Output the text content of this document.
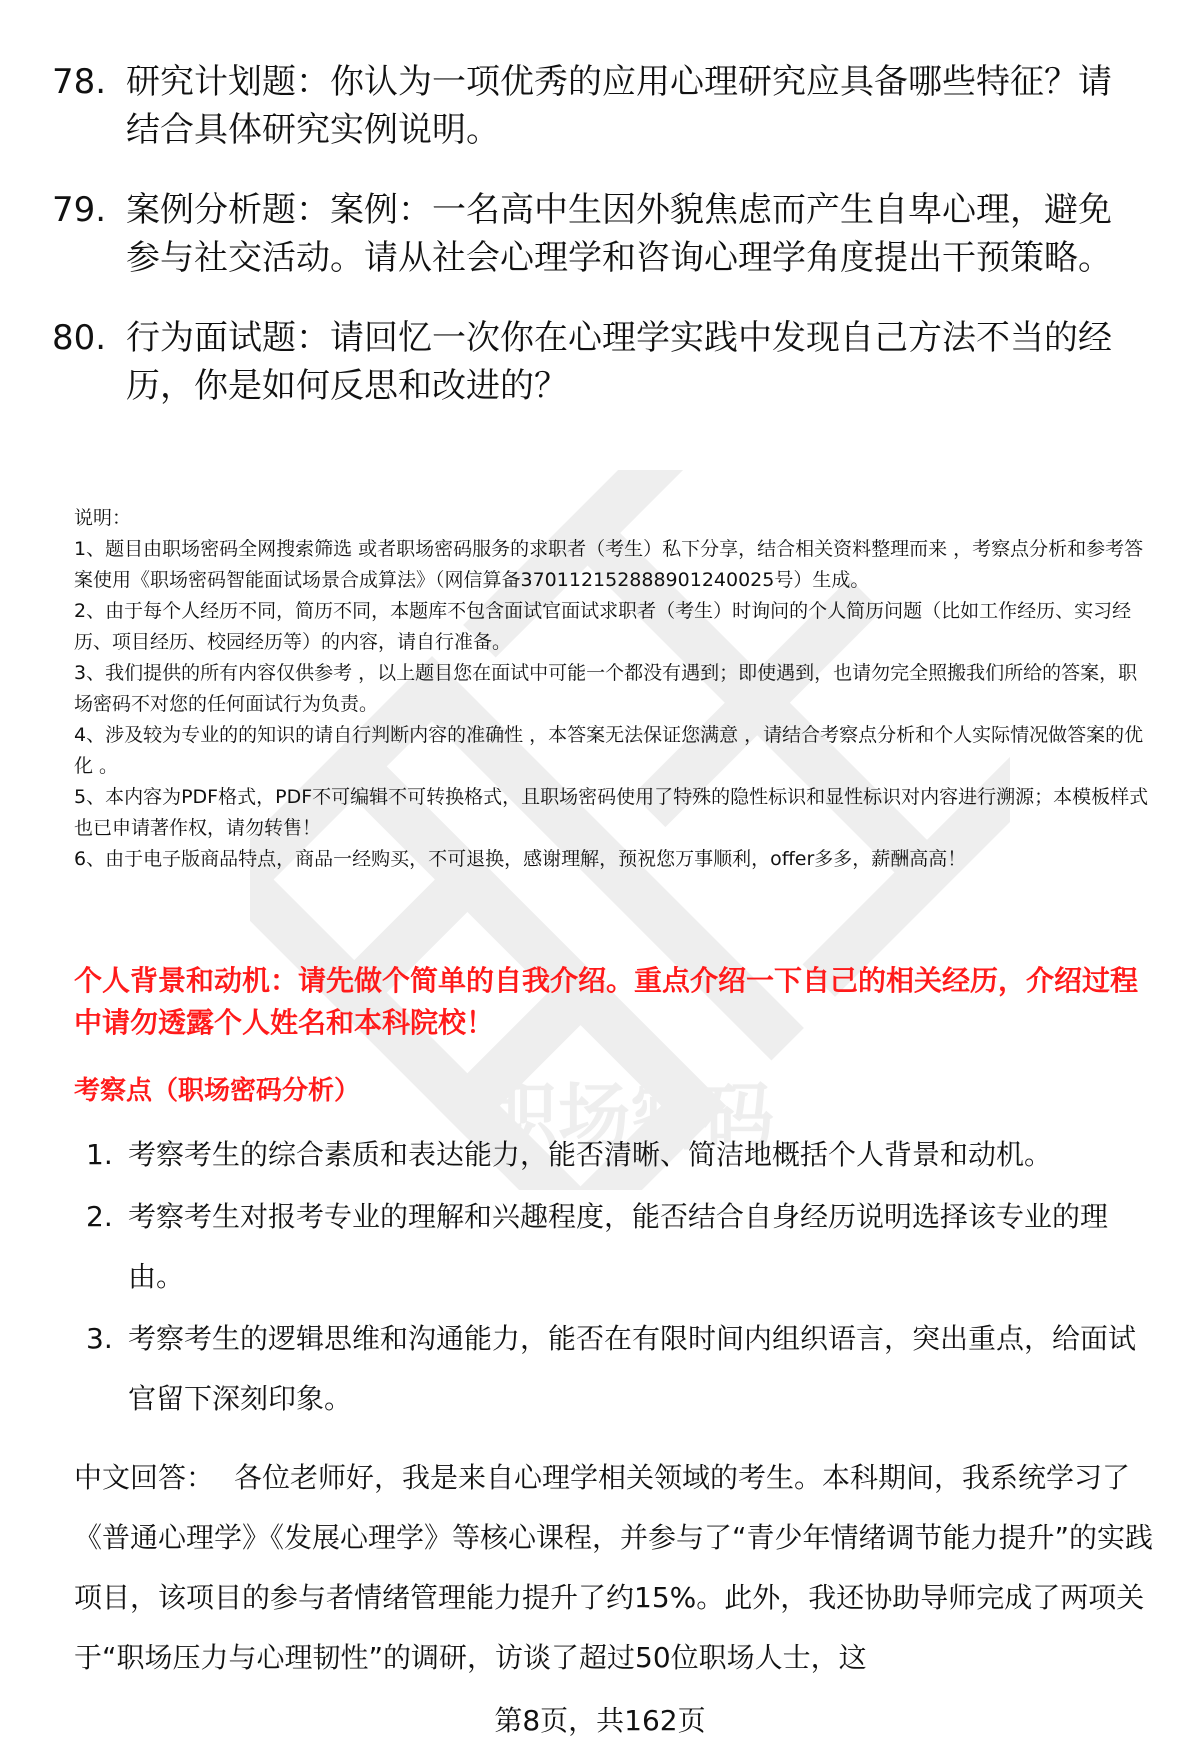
职场密码
78. 研究计划题：你认为一项优秀的应用心理研究应具备哪些特征？请结合具体研究实例说明。
79. 案例分析题：案例：一名高中生因外貌焦虑而产生自卑心理，避免参与社交活动。请从社会心理学和咨询心理学角度提出干预策略。
80. 行为面试题：请回忆一次你在心理学实践中发现自己方法不当的经历，你是如何反思和改进的？

说明：

1、题目由职场密码全网搜索筛选 或者职场密码服务的求职者（考生）私下分享，结合相关资料整理而来 ，考察点分析和参考答案使用《职场密码智能面试场景合成算法》（网信算备370112152888901240025号）生成。

2、由于每个人经历不同，简历不同，本题库不包含面试官面试求职者（考生）时询问的个人简历问题（比如工作经历、实习经历、项目经历、校园经历等）的内容，请自行准备。

3、我们提供的所有内容仅供参考 ，以上题目您在面试中可能一个都没有遇到；即使遇到，也请勿完全照搬我们所给的答案，职场密码不对您的任何面试行为负责。

4、涉及较为专业的的知识的请自行判断内容的准确性 ，本答案无法保证您满意 ，请结合考察点分析和个人实际情况做答案的优化 。

5、本内容为PDF格式，PDF不可编辑不可转换格式，且职场密码使用了特殊的隐性标识和显性标识对内容进行溯源；本模板样式也已申请著作权，请勿转售！

6、由于电子版商品特点，商品一经购买，不可退换，感谢理解，预祝您万事顺利，offer多多，薪酬高高！

个人背景和动机：请先做个简单的自我介绍。重点介绍一下自己的相关经历，介绍过程中请勿透露个人姓名和本科院校！
考察点（职场密码分析）
1. 考察考生的综合素质和表达能力，能否清晰、简洁地概括个人背景和动机。
2. 考察考生对报考专业的理解和兴趣程度，能否结合自身经历说明选择该专业的理由。
3. 考察考生的逻辑思维和沟通能力，能否在有限时间内组织语言，突出重点，给面试官留下深刻印象。
中文回答： 各位老师好，我是来自心理学相关领域的考生。本科期间，我系统学习了《普通心理学》《发展心理学》等核心课程，并参与了“青少年情绪调节能力提升”的实践项目，该项目的参与者情绪管理能力提升了约15%。此外，我还协助导师完成了两项关于“职场压力与心理韧性”的调研，访谈了超过50位职场人士，这
第8页，共162页
